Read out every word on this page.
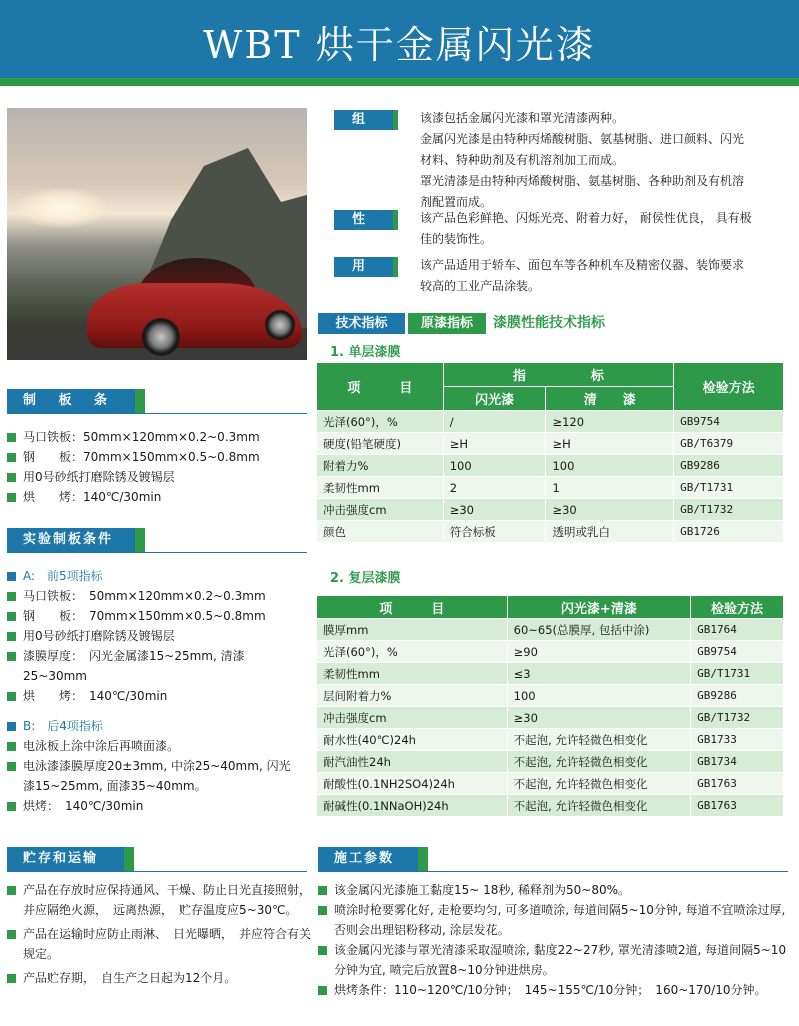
WBT 烘干金属闪光漆
组 成
该漆包括金属闪光漆和罩光清漆两种。
金属闪光漆是由特种丙烯酸树脂、氨基树脂、进口颜料、闪光
材料、特种助剂及有机溶剂加工而成。
罩光清漆是由特种丙烯酸树脂、氨基树脂、各种助剂及有机溶
剂配置而成。
性 能
该产品色彩鲜艳、闪烁光亮、附着力好， 耐侯性优良， 具有极
佳的装饰性。
用 途
该产品适用于轿车、面包车等各种机车及精密仪器、装饰要求
较高的工业产品涂装。
技术指标	原漆指标	漆膜性能技术指标
1. 单层漆膜
项　　　目	指　　　　　标		检验方法
	闪光漆	清　　漆	
光泽(60°)，%	/	≥120	GB9754
硬度(铅笔硬度)	≥H	≥H	GB/T6379
附着力%	100	100	GB9286
柔韧性mm	2	1	GB/T1731
冲击强度cm	≥30	≥30	GB/T1732
颜色	符合标板	透明或乳白	GB1726
2. 复层漆膜
项　　　目	闪光漆+清漆	检验方法
膜厚mm	60~65(总膜厚, 包括中涂)	GB1764
光泽(60°)，%	≥90	GB9754
柔韧性mm	≤3	GB/T1731
层间附着力%	100	GB9286
冲击强度cm	≥30	GB/T1732
耐水性(40℃)24h	不起泡, 允许轻微色相变化	GB1733
耐汽油性24h	不起泡, 允许轻微色相变化	GB1734
耐酸性(0.1NH2SO4)24h	不起泡, 允许轻微色相变化	GB1763
耐碱性(0.1NNaOH)24h	不起泡, 允许轻微色相变化	GB1763
制 板 条 件
马口铁板：50mm×120mm×0.2~0.3mm
钢　　板：70mm×150mm×0.5~0.8mm
用0号砂纸打磨除锈及镀锡层
烘　　烤：140℃/30min
实验制板条件
A:　前5项指标
马口铁板：　50mm×120mm×0.2~0.3mm
钢　　板：　70mm×150mm×0.5~0.8mm
用0号砂纸打磨除锈及镀锡层
漆膜厚度：　闪光金属漆15~25mm, 清漆25~30mm
烘　　烤：　140℃/30min
B:　后4项指标
电泳板上涂中涂后再喷面漆。
电泳漆漆膜厚度20±3mm, 中涂25~40mm, 闪光漆15~25mm, 面漆35~40mm。
烘烤：　140℃/30min
贮存和运输
产品在存放时应保持通风、干燥、防止日光直接照射，　并应隔绝火源，　远离热源，　贮存温度应5~30℃。
产品在运输时应防止雨淋、　日光曝晒，　并应符合有关规定。
产品贮存期，　自生产之日起为12个月。
施工参数
该金属闪光漆施工黏度15~ 18秒, 稀释剂为50~80%。
喷涂时枪要雾化好, 走枪要均匀, 可多道喷涂, 每道间隔5~10分钟, 每道不宜喷涂过厚, 否则会出理铝粉移动, 涂层发花。
该金属闪光漆与罩光清漆采取湿喷涂, 黏度22~27秒, 罩光清漆喷2道, 每道间隔5~10分钟为宜, 喷完后放置8~10分钟进烘房。
烘烤条件：110~120℃/10分钟；　145~155℃/10分钟；　160~170/10分钟。
